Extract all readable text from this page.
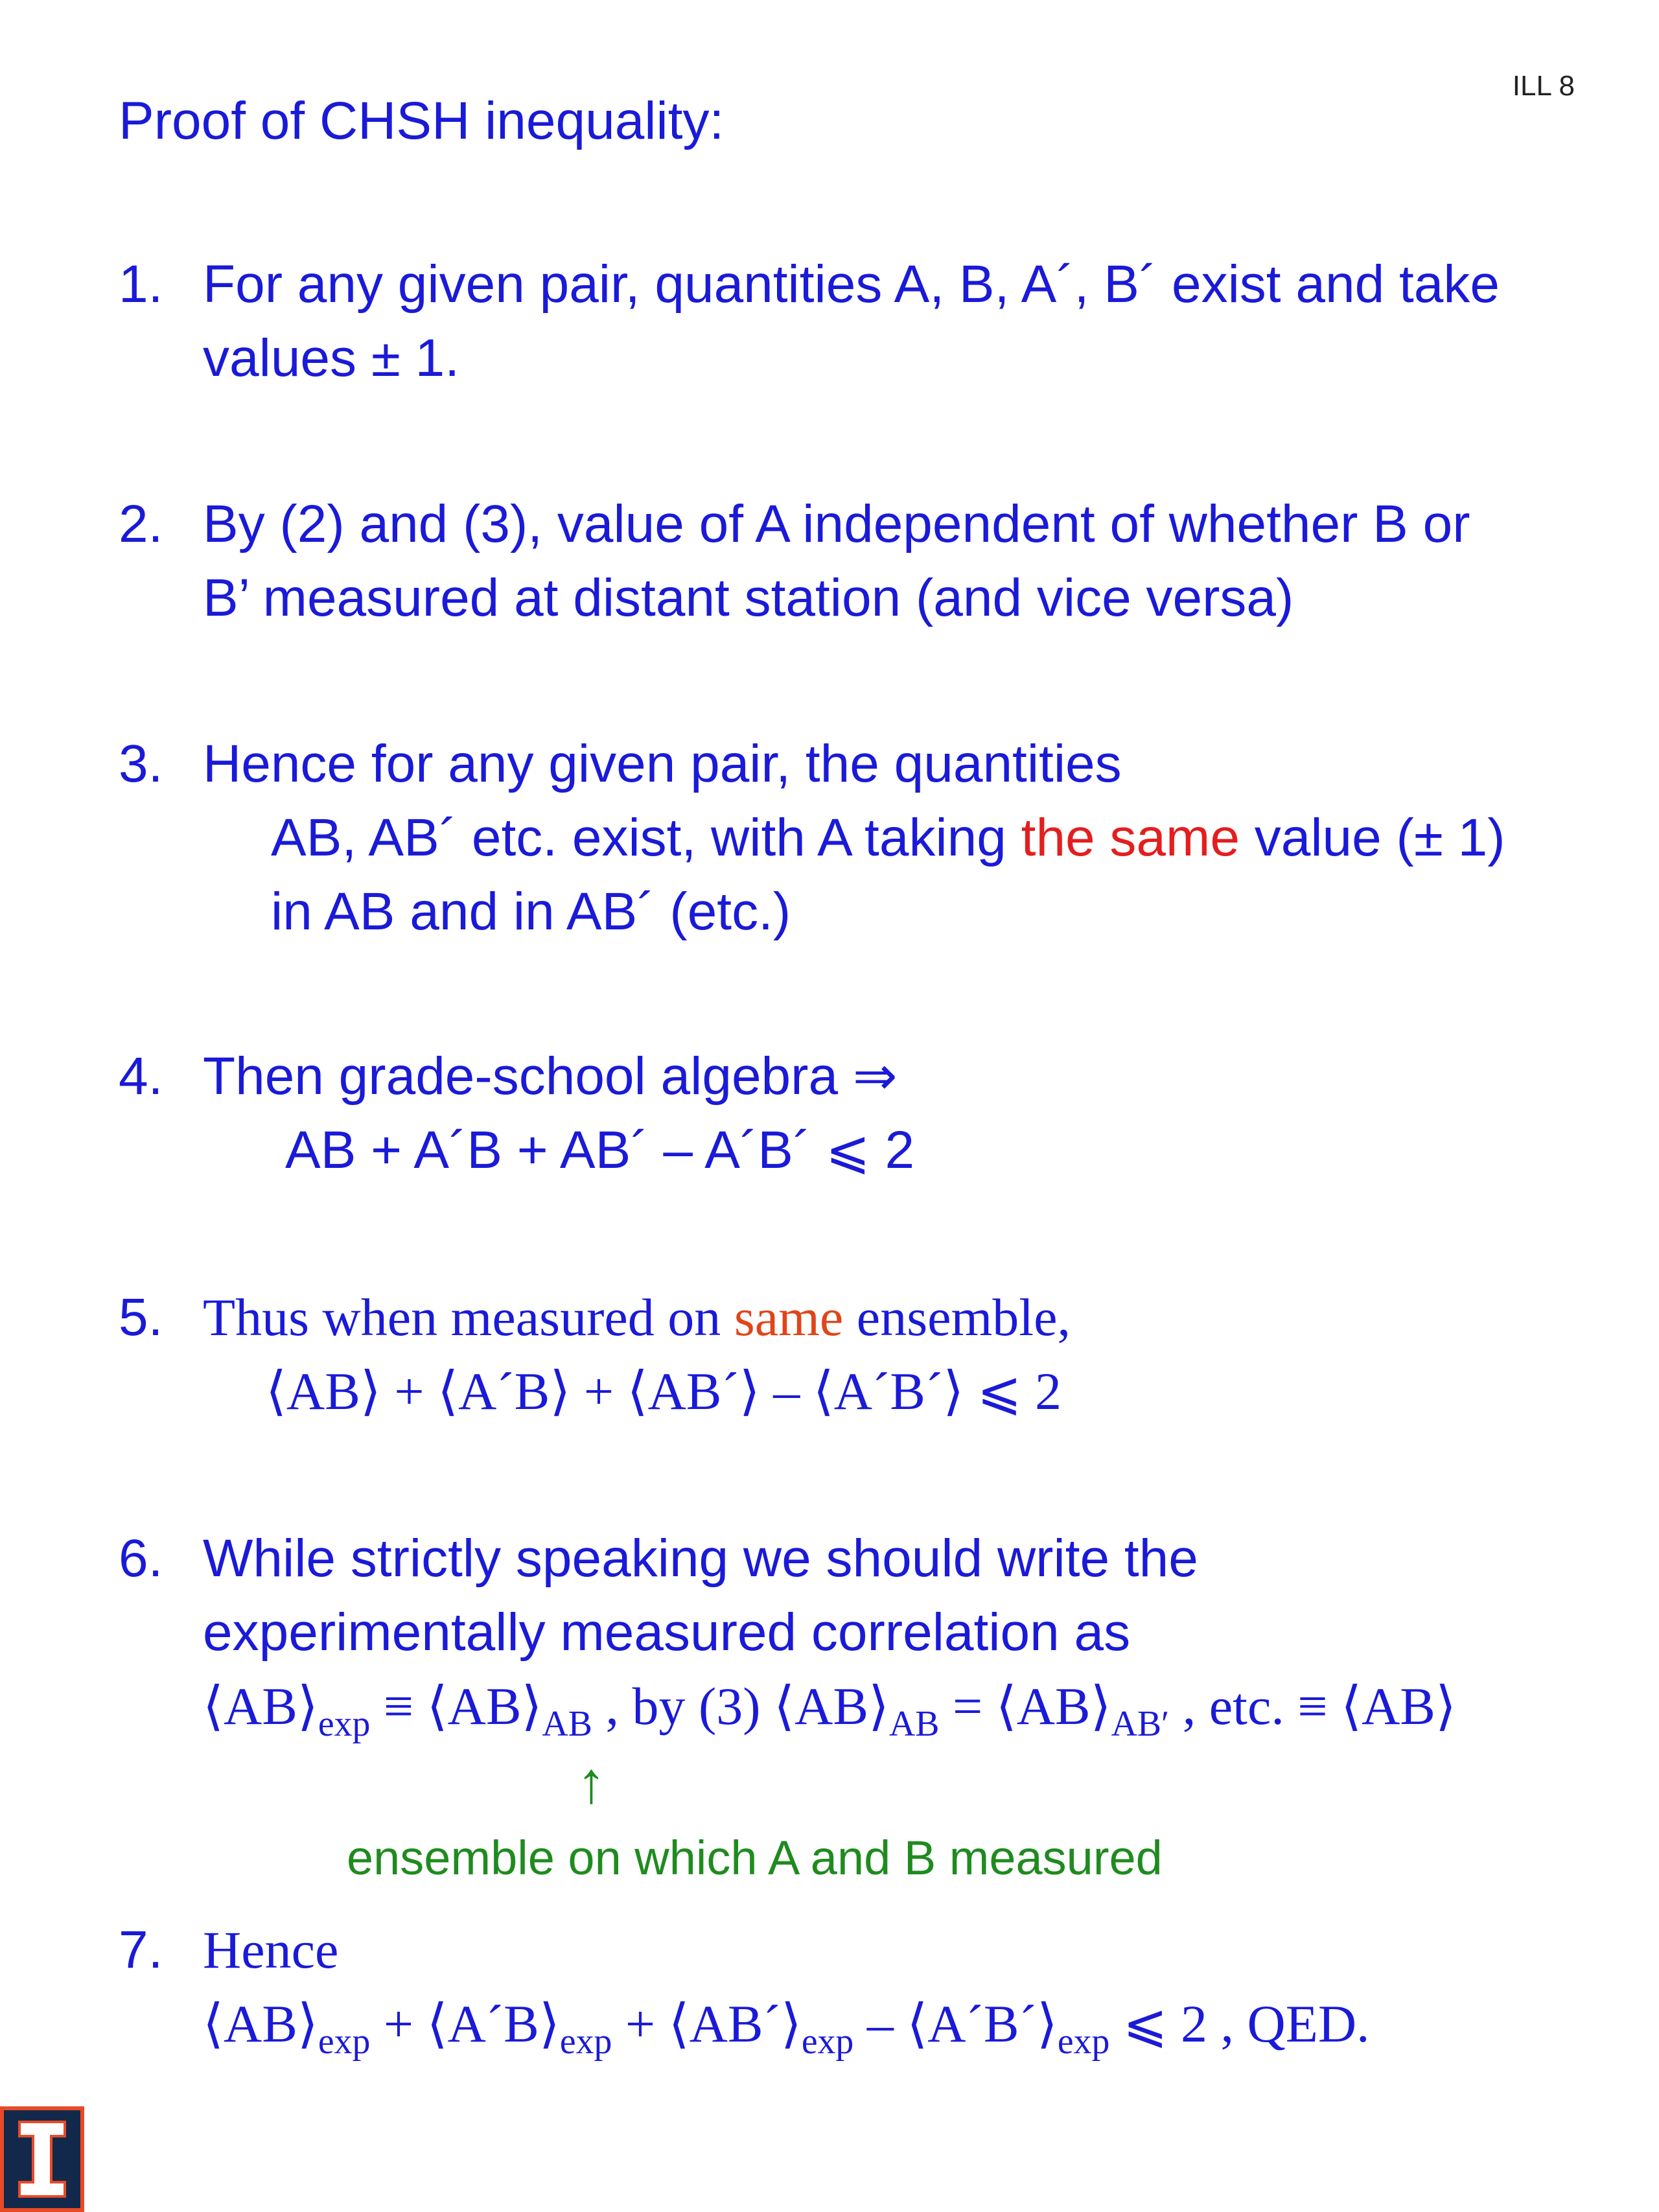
ILL 8
Proof of CHSH inequality:
1. For any given pair, quantities A, B, A´, B´ exist and take
values ± 1.
2. By (2) and (3), value of A independent of whether B or
B’ measured at distant station (and vice versa)
3. Hence for any given pair, the quantities
AB, AB´ etc. exist, with A taking the same value (± 1)
in AB and in AB´ (etc.)
4. Then grade-school algebra ⇒
AB + A´B + AB´ – A´B´ ⩽ 2
5. Thus when measured on same ensemble,
⟨AB⟩ + ⟨A´B⟩ + ⟨AB´⟩ – ⟨A´B´⟩ ⩽ 2
6. While strictly speaking we should write the
experimentally measured correlation as
$⟨AB⟩_{exp}$ ≡ $⟨AB⟩_{AB}$ , by (3) $⟨AB⟩_{AB}$ = $⟨AB⟩_{AB'}$ , etc. ≡ ⟨AB⟩
↑
ensemble on which A and B measured
7. Hence
$⟨AB⟩_{exp}$ + $⟨A´B⟩_{exp}$ + $⟨AB´⟩_{exp}$ – $⟨A´B´⟩_{exp}$ ⩽ 2 , QED.
